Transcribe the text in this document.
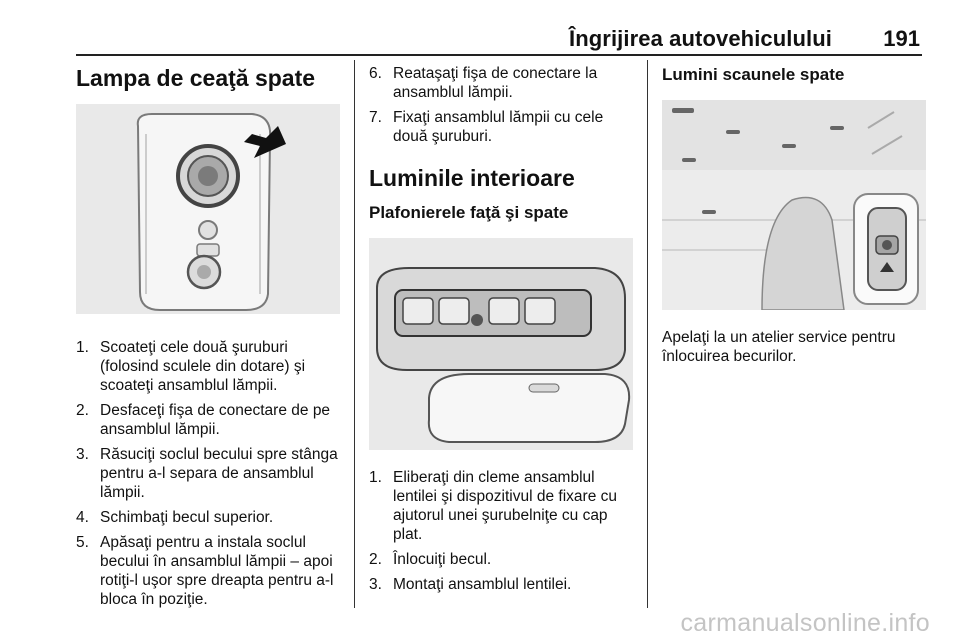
Îngrijirea autovehiculului 191
Lampa de ceaţă spate
1. Scoateţi cele două şuruburi (folosind sculele din dotare) şi scoateţi ansamblul lămpii.
2. Desfaceţi fişa de conectare de pe ansamblul lămpii.
3. Răsuciţi soclul becului spre stânga pentru a-l separa de ansamblul lămpii.
4. Schimbaţi becul superior.
5. Apăsaţi pentru a instala soclul becului în ansamblul lămpii – apoi rotiţi-l uşor spre dreapta pentru a-l bloca în poziţie.
6. Reataşaţi fişa de conectare la ansamblul lămpii.
7. Fixaţi ansamblul lămpii cu cele două şuruburi.
Luminile interioare
Plafonierele faţă şi spate
1. Eliberaţi din cleme ansamblul lentilei şi dispozitivul de fixare cu ajutorul unei şurubelniţe cu cap plat.
2. Înlocuiţi becul.
3. Montaţi ansamblul lentilei.
Lumini scaunele spate

Apelaţi la un atelier service pentru înlocuirea becurilor.

carmanualsonline.info
